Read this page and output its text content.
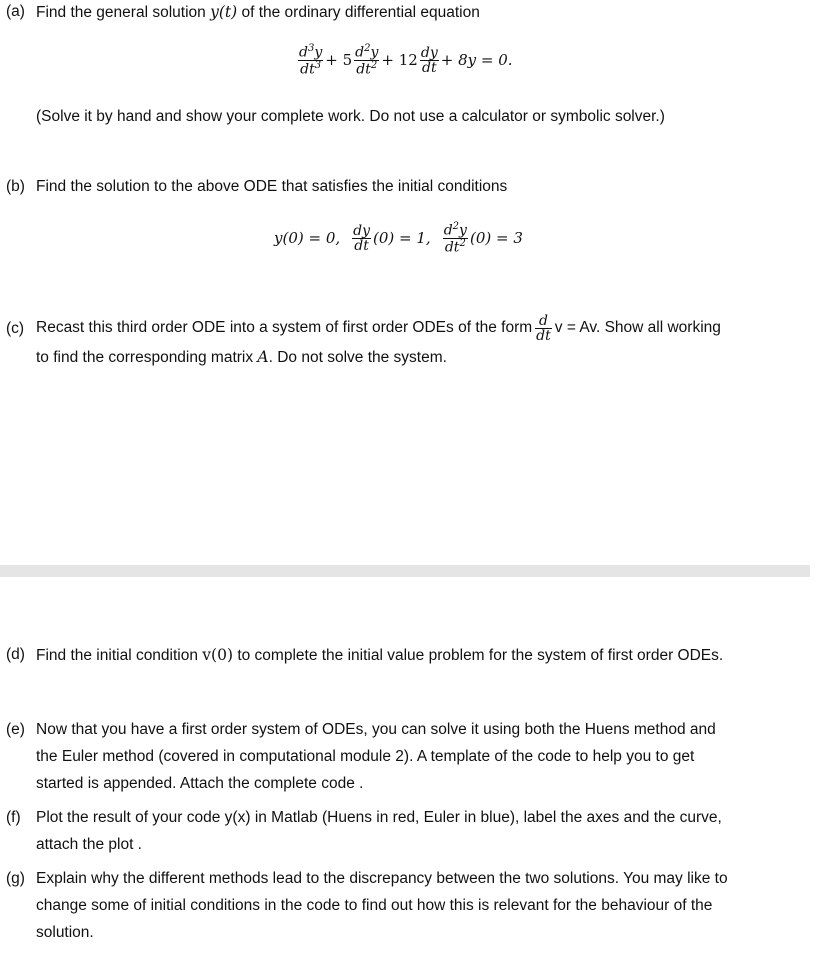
(a) Find the general solution y(t) of the ordinary differential equation
$\frac{d^3y}{dt^3} + 5 \frac{d^2y}{dt^2} + 12 \frac{dy}{dt} + 8y = 0$.
(Solve it by hand and show your complete work. Do not use a calculator or symbolic solver.)
(b) Find the solution to the above ODE that satisfies the initial conditions
y(0) = 0, $\frac{dy}{dt} (0) = 1$, $\frac{d^2y}{dt^2} (0) = 3$
(c) Recast this third order ODE into a system of first order ODEs of the form $\frac{d}{dt}$ v = Av. Show all working
to find the corresponding matrix A. Do not solve the system.
(d) Find the initial condition v(0) to complete the initial value problem for the system of first order ODEs.
(e) Now that you have a first order system of ODEs, you can solve it using both the Huens method and
the Euler method (covered in computational module 2). A template of the code to help you to get
started is appended. Attach the complete code .
(f) Plot the result of your code y(x) in Matlab (Huens in red, Euler in blue), label the axes and the curve,
attach the plot .
(g) Explain why the different methods lead to the discrepancy between the two solutions. You may like to
change some of initial conditions in the code to find out how this is relevant for the behaviour of the
solution.
